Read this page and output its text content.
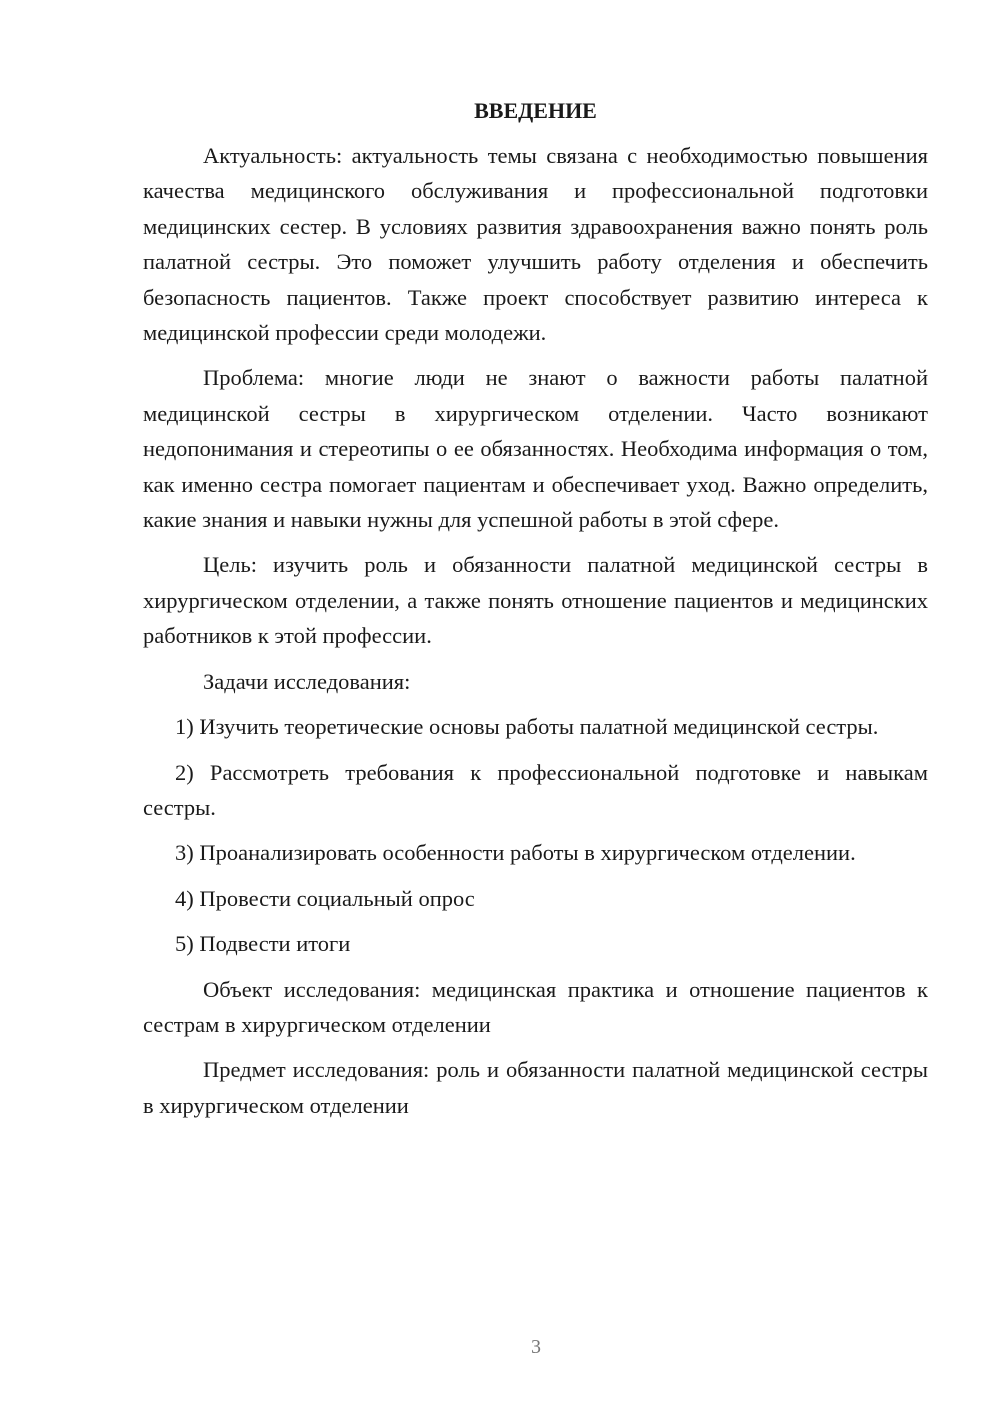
ВВЕДЕНИЕ

Актуальность: актуальность темы связана с необходимостью повышения качества медицинского обслуживания и профессиональной подготовки медицинских сестер. В условиях развития здравоохранения важно понять роль палатной сестры. Это поможет улучшить работу отделения и обеспечить безопасность пациентов. Также проект способствует развитию интереса к медицинской профессии среди молодежи.

Проблема: многие люди не знают о важности работы палатной медицинской сестры в хирургическом отделении. Часто возникают недопонимания и стереотипы о ее обязанностях. Необходима информация о том, как именно сестра помогает пациентам и обеспечивает уход. Важно определить, какие знания и навыки нужны для успешной работы в этой сфере.

Цель: изучить роль и обязанности палатной медицинской сестры в хирургическом отделении, а также понять отношение пациентов и медицинских работников к этой профессии.

Задачи исследования:

1) Изучить теоретические основы работы палатной медицинской сестры.

2) Рассмотреть требования к профессиональной подготовке и навыкам сестры.

3) Проанализировать особенности работы в хирургическом отделении.

4) Провести социальный опрос

5) Подвести итоги

Объект исследования: медицинская практика и отношение пациентов к сестрам в хирургическом отделении

Предмет исследования: роль и обязанности палатной медицинской сестры в хирургическом отделении

3
